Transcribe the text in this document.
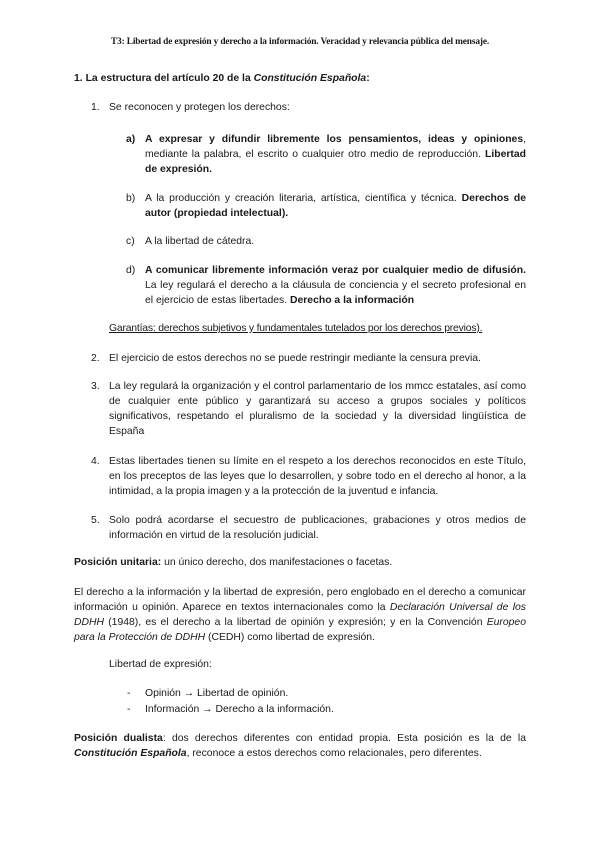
T3: Libertad de expresión y derecho a la información. Veracidad y relevancia pública del mensaje.
1. La estructura del artículo 20 de la Constitución Española:
1. Se reconocen y protegen los derechos:
a) A expresar y difundir libremente los pensamientos, ideas y opiniones, mediante la palabra, el escrito o cualquier otro medio de reproducción. Libertad de expresión.
b) A la producción y creación literaria, artística, científica y técnica. Derechos de autor (propiedad intelectual).
c) A la libertad de cátedra.
d) A comunicar libremente información veraz por cualquier medio de difusión. La ley regulará el derecho a la cláusula de conciencia y el secreto profesional en el ejercicio de estas libertades. Derecho a la información
Garantías: derechos subjetivos y fundamentales tutelados por los derechos previos).
2. El ejercicio de estos derechos no se puede restringir mediante la censura previa.
3. La ley regulará la organización y el control parlamentario de los mmcc estatales, así como de cualquier ente público y garantizará su acceso a grupos sociales y políticos significativos, respetando el pluralismo de la sociedad y la diversidad lingüística de España
4. Estas libertades tienen su límite en el respeto a los derechos reconocidos en este Título, en los preceptos de las leyes que lo desarrollen, y sobre todo en el derecho al honor, a la intimidad, a la propia imagen y a la protección de la juventud e infancia.
5. Solo podrá acordarse el secuestro de publicaciones, grabaciones y otros medios de información en virtud de la resolución judicial.
Posición unitaria: un único derecho, dos manifestaciones o facetas.
El derecho a la información y la libertad de expresión, pero englobado en el derecho a comunicar información u opinión. Aparece en textos internacionales como la Declaración Universal de los DDHH (1948), es el derecho a la libertad de opinión y expresión; y en la Convención Europeo para la Protección de DDHH (CEDH) como libertad de expresión.
Libertad de expresión:
- Opinión → Libertad de opinión.
- Información → Derecho a la información.
Posición dualista: dos derechos diferentes con entidad propia. Esta posición es la de la Constitución Española, reconoce a estos derechos como relacionales, pero diferentes.
